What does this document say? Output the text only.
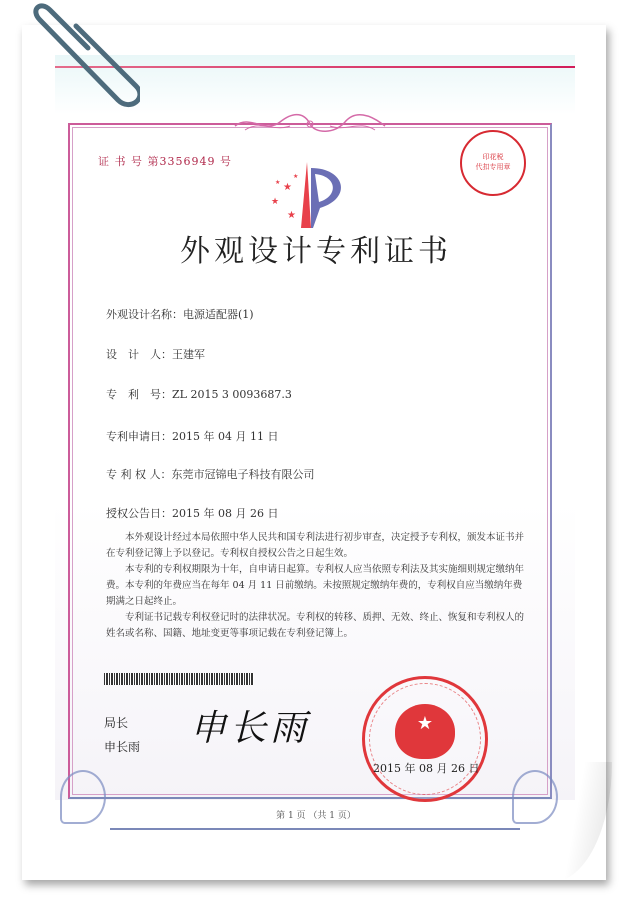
证 书 号 第3356949 号	印花税
代扣专用章
★
★
★
★
★
外观设计专利证书
外观设计名称：电源适配器(1)
设　计　人：王建军
专　利　号：ZL 2015 3 0093687.3
专利申请日：2015 年 04 月 11 日
专 利 权 人：东莞市冠锦电子科技有限公司
授权公告日：2015 年 08 月 26 日

本外观设计经过本局依照中华人民共和国专利法进行初步审查，决定授予专利权，颁发本证书并在专利登记簿上予以登记。专利权自授权公告之日起生效。

本专利的专利权期限为十年，自申请日起算。专利权人应当依照专利法及其实施细则规定缴纳年费。本专利的年费应当在每年 04 月 11 日前缴纳。未按照规定缴纳年费的，专利权自应当缴纳年费期满之日起终止。

专利证书记载专利权登记时的法律状况。专利权的转移、质押、无效、终止、恢复和专利权人的姓名或名称、国籍、地址变更等事项记载在专利登记簿上。

局长
申长雨 申长雨	★
2015 年 08 月 26 日
第 1 页 （共 1 页）
